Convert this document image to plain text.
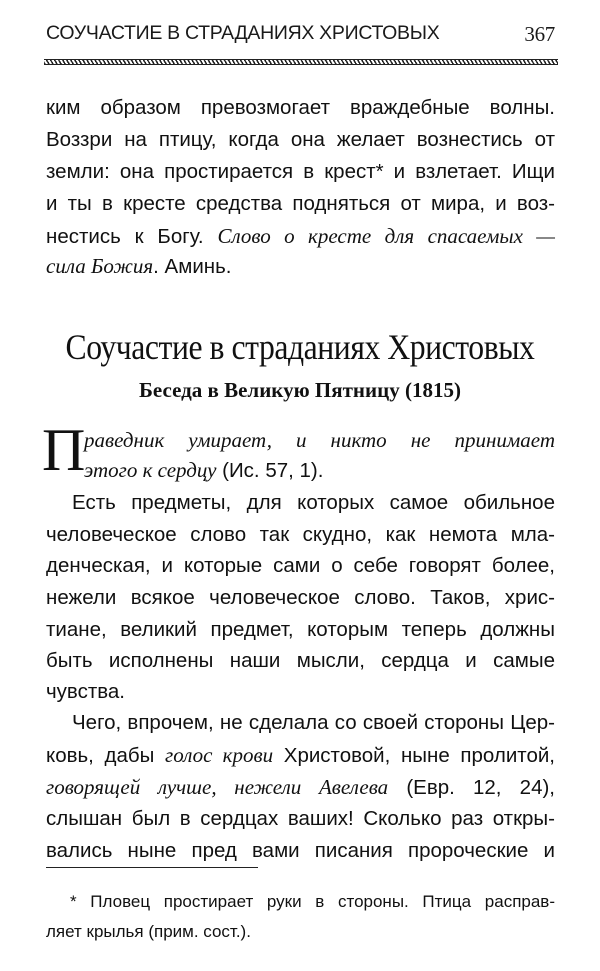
СОУЧАСТИЕ В СТРАДАНИЯХ ХРИСТОВЫХ	367
ким образом превозмогает враждебные волны.
Воззри на птицу, когда она желает вознестись от
земли: она простирается в крест* и взлетает. Ищи
и ты в кресте средства подняться от мира, и воз-
нестись к Богу. Слово о кресте для спасаемых —
сила Божия. Аминь.
Соучастие в страданиях Христовых
Беседа в Великую Пятницу (1815)
П
раведник умирает, и никто не принимает
этого к сердцу (Ис. 57, 1).
Есть предметы, для которых самое обильное
человеческое слово так скудно, как немота мла-
денческая, и которые сами о себе говорят более,
нежели всякое человеческое слово. Таков, хрис-
тиане, великий предмет, которым теперь должны
быть исполнены наши мысли, сердца и самые
чувства.
Чего, впрочем, не сделала со своей стороны Цер-
ковь, дабы голос крови Христовой, ныне пролитой,
говорящей лучше, нежели Авелева (Евр. 12, 24),
слышан был в сердцах ваших! Сколько раз откры-
вались ныне пред вами писания пророческие и
* Пловец простирает руки в стороны. Птица расправ-
ляет крылья (прим. сост.).
